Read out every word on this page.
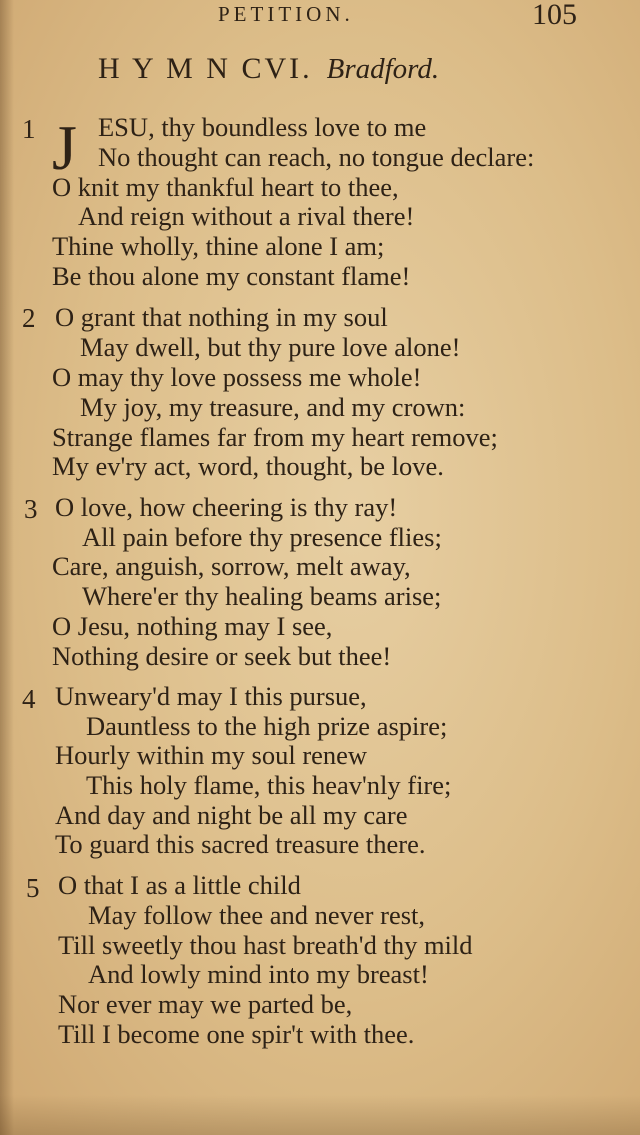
PETITION.	105
H Y M N CVI. Bradford.
J
1 ESU, thy boundless love to me
No thought can reach, no tongue declare:
O knit my thankful heart to thee,
And reign without a rival there!
Thine wholly, thine alone I am;
Be thou alone my constant flame!
2 O grant that nothing in my soul
May dwell, but thy pure love alone!
O may thy love possess me whole!
My joy, my treasure, and my crown:
Strange flames far from my heart remove;
My ev'ry act, word, thought, be love.
3 O love, how cheering is thy ray!
All pain before thy presence flies;
Care, anguish, sorrow, melt away,
Where'er thy healing beams arise;
O Jesu, nothing may I see,
Nothing desire or seek but thee!
4 Unweary'd may I this pursue,
Dauntless to the high prize aspire;
Hourly within my soul renew
This holy flame, this heav'nly fire;
And day and night be all my care
To guard this sacred treasure there.
5 O that I as a little child
May follow thee and never rest,
Till sweetly thou hast breath'd thy mild
And lowly mind into my breast!
Nor ever may we parted be,
Till I become one spir't with thee.
